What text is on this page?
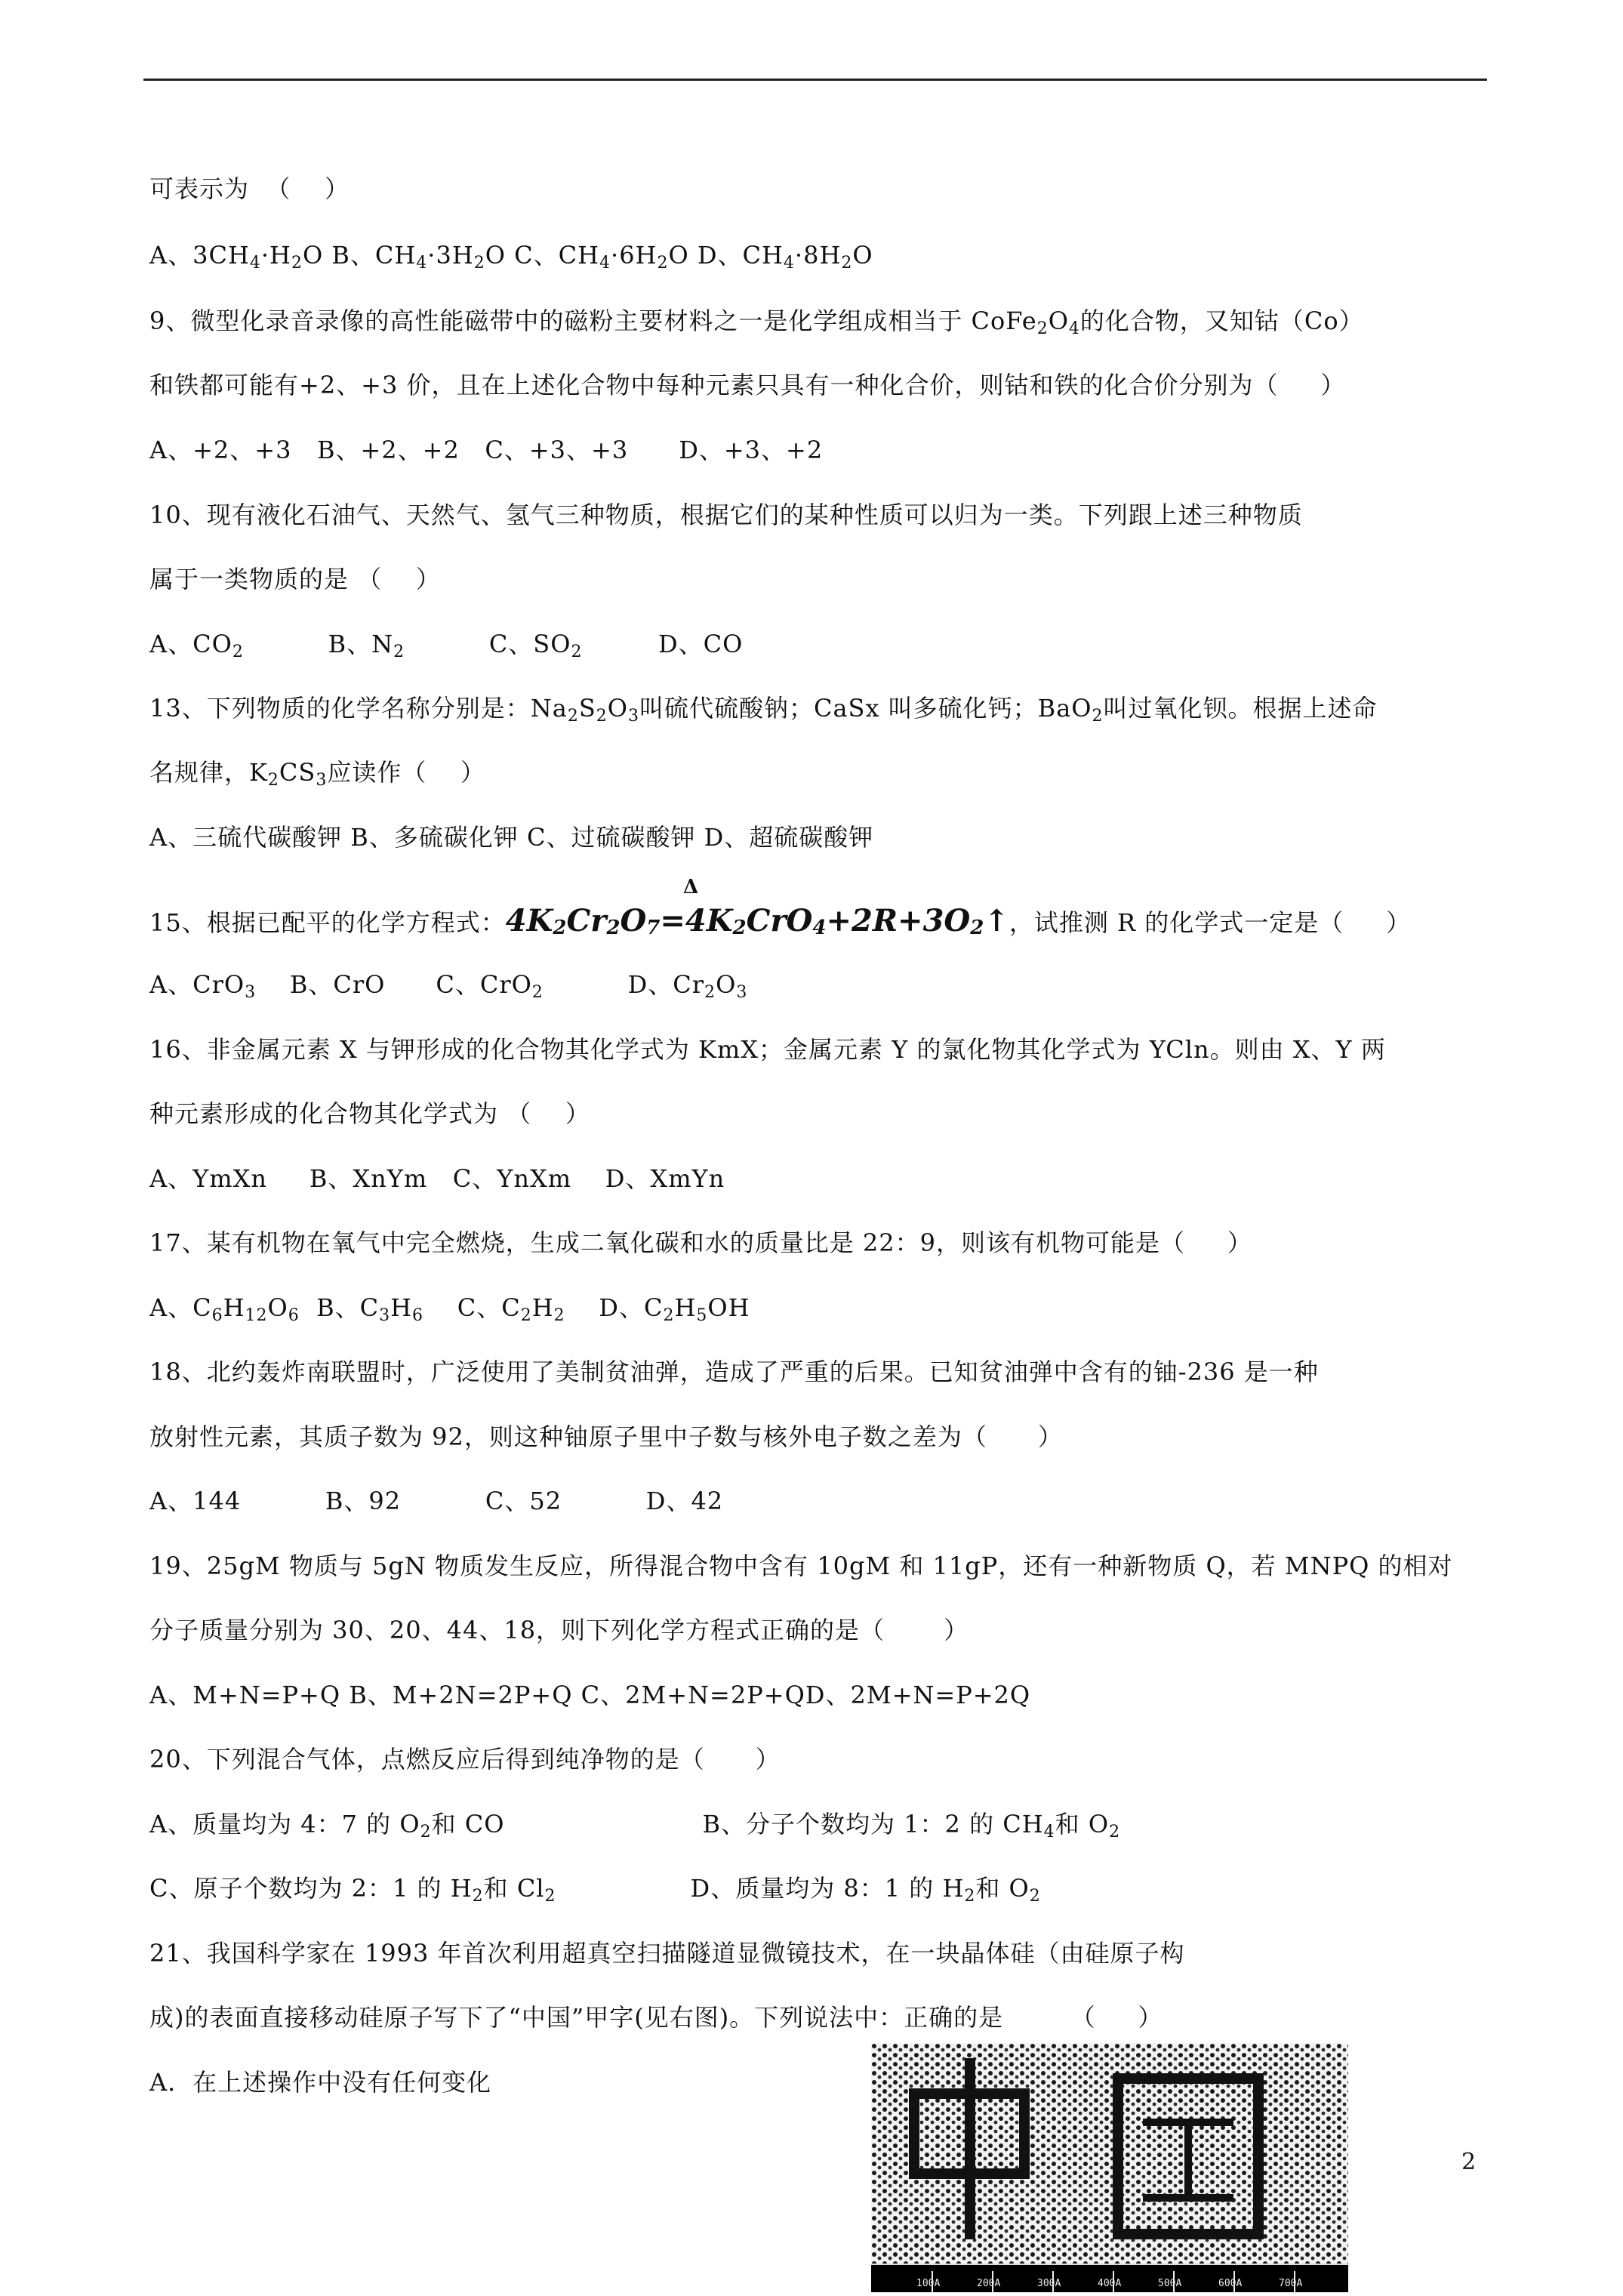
可表示为  （    ）
A、$3CH_4\cdot H_2O$ B、$CH_4\cdot 3H_2O$ C、$CH_4\cdot 6H_2O$ D、$CH_4\cdot 8H_2O$
9、微型化录音录像的高性能磁带中的磁粉主要材料之一是化学组成相当于 $CoFe_2O_4$的化合物，又知钴（Co）
和铁都可能有+2、+3 价，且在上述化合物中每种元素只具有一种化合价，则钴和铁的化合价分别为（     ）
A、+2、+3   B、+2、+2   C、+3、+3      D、+3、+2
10、现有液化石油气、天然气、氢气三种物质，根据它们的某种性质可以归为一类。下列跟上述三种物质
属于一类物质的是 （    ）
A、$CO_2$          B、$N_2$          C、$SO_2$         D、CO
13、下列物质的化学名称分别是：$Na_2S_2O_3$叫硫代硫酸钠；CaSx 叫多硫化钙；BaO$_2$叫过氧化钡。根据上述命
名规律，$K_2CS_3$应读作（    ）
A、三硫代碳酸钾 B、多硫碳化钾 C、过硫碳酸钾 D、超硫碳酸钾
Δ
15、根据已配平的化学方程式：$4K_2Cr_2O_7=4K_2CrO_4+2R+3O_2↑$，试推测 R 的化学式一定是（     ）
A、CrO$_3$    B、CrO      C、CrO$_2$          D、$Cr_2O_3$
16、非金属元素 X 与钾形成的化合物其化学式为 KmX；金属元素 Y 的氯化物其化学式为 YCln。则由 X、Y 两
种元素形成的化合物其化学式为 （    ）
A、YmXn     B、XnYm   C、YnXm    D、XmYn
17、某有机物在氧气中完全燃烧，生成二氧化碳和水的质量比是 22：9，则该有机物可能是（     ）
A、$C_6H_{12}O_6$  B、$C_3H_6$    C、$C_2H_2$    D、$C_2H_5OH$
18、北约轰炸南联盟时，广泛使用了美制贫油弹，造成了严重的后果。已知贫油弹中含有的铀-236 是一种
放射性元素，其质子数为 92，则这种铀原子里中子数与核外电子数之差为（      ）
A、144          B、92          C、52          D、42
19、25gM 物质与 5gN 物质发生反应，所得混合物中含有 10gM 和 11gP，还有一种新物质 Q，若 MNPQ 的相对
分子质量分别为 30、20、44、18，则下列化学方程式正确的是（       ）
A、M+N=P+Q B、M+2N=2P+Q C、2M+N=2P+QD、2M+N=P+2Q
20、下列混合气体，点燃反应后得到纯净物的是（      ）
A、质量均为 4：7 的 $O_2$和 CO	B、分子个数均为 1：2 的 $CH_4$和 $O_2$
C、原子个数均为 2：1 的 $H_2$和 $Cl_2$	D、质量均为 8：1 的 $H_2$和 $O_2$
21、我国科学家在 1993 年首次利用超真空扫描隧道显微镜技术，在一块晶体硅（由硅原子构
成)的表面直接移动硅原子写下了“中国”甲字(见右图)。下列说法中：正确的是        （     ）
A．在上述操作中没有任何变化
100A	200A	300A	400A	500A	600A	700A
2
